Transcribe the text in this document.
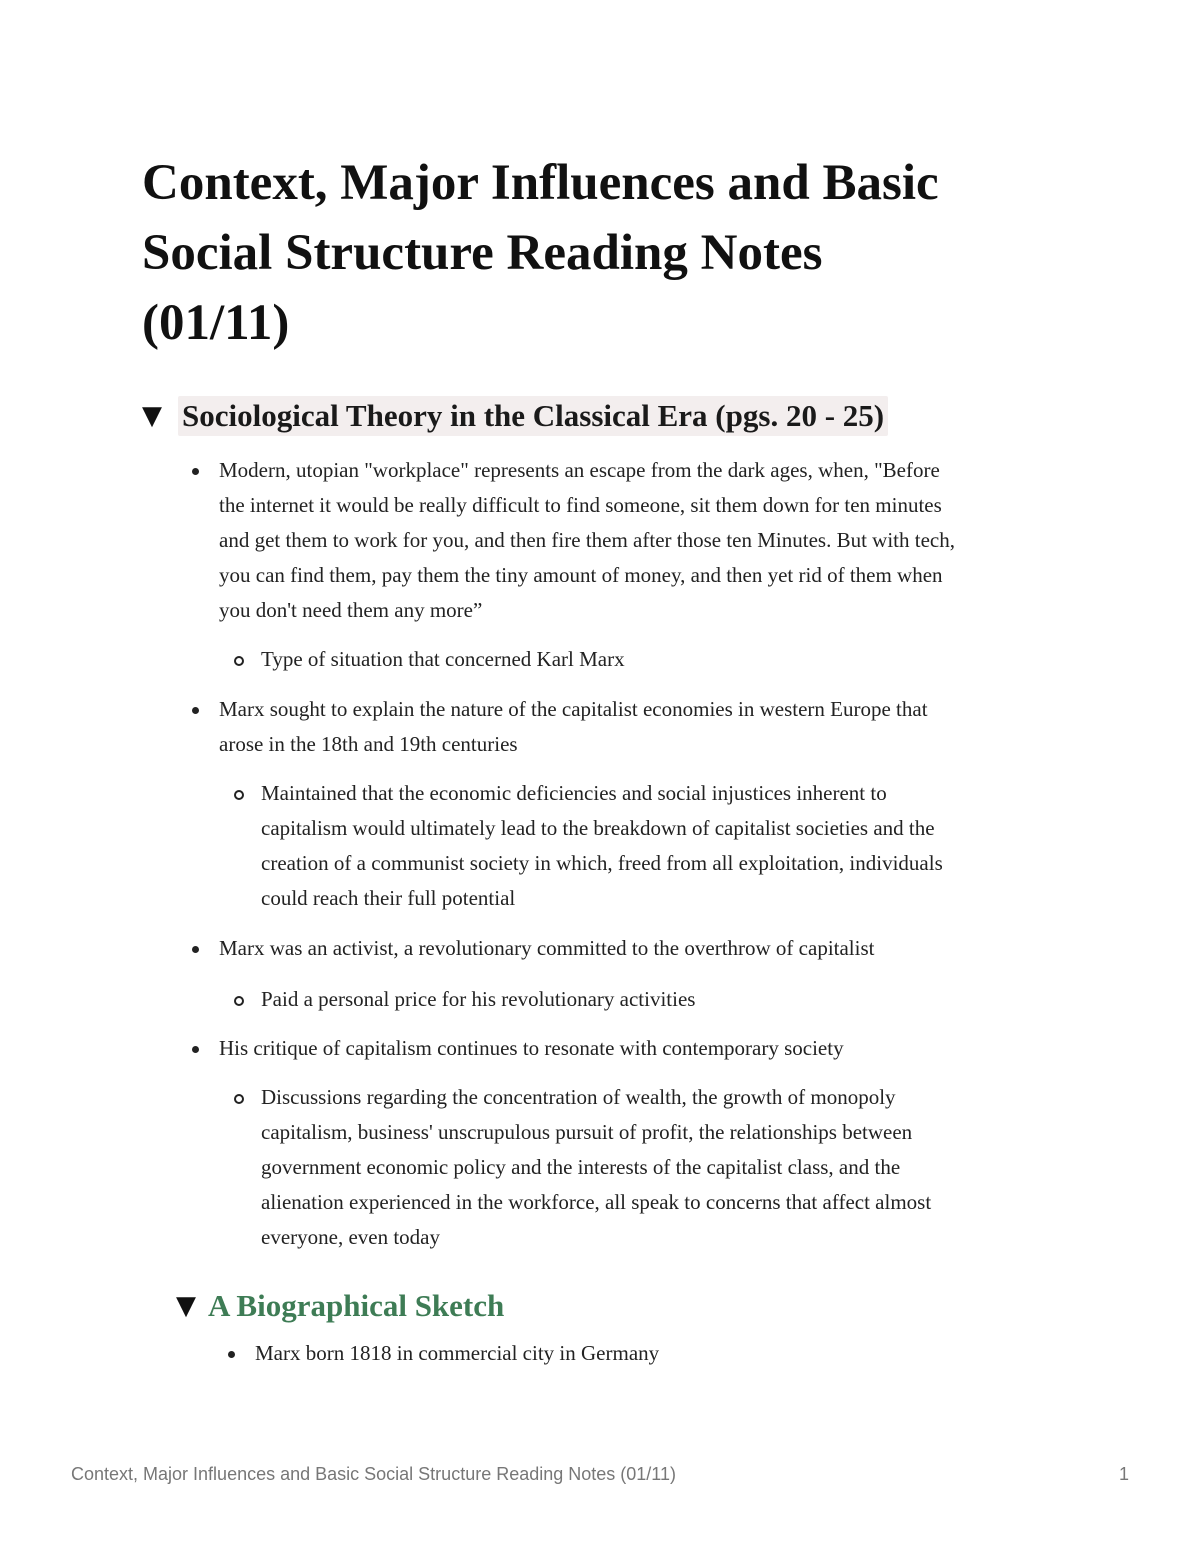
Context, Major Influences and Basic
Social Structure Reading Notes
(01/11)
▼ Sociological Theory in the Classical Era (pgs. 20 - 25)
Modern, utopian "workplace" represents an escape from the dark ages, when, "Before
the internet it would be really difficult to find someone, sit them down for ten minutes
and get them to work for you, and then fire them after those ten Minutes. But with tech,
you can find them, pay them the tiny amount of money, and then yet rid of them when
you don't need them any more”
Type of situation that concerned Karl Marx
Marx sought to explain the nature of the capitalist economies in western Europe that
arose in the 18th and 19th centuries
Maintained that the economic deficiencies and social injustices inherent to
capitalism would ultimately lead to the breakdown of capitalist societies and the
creation of a communist society in which, freed from all exploitation, individuals
could reach their full potential
Marx was an activist, a revolutionary committed to the overthrow of capitalist
Paid a personal price for his revolutionary activities
His critique of capitalism continues to resonate with contemporary society
Discussions regarding the concentration of wealth, the growth of monopoly
capitalism, business' unscrupulous pursuit of profit, the relationships between
government economic policy and the interests of the capitalist class, and the
alienation experienced in the workforce, all speak to concerns that affect almost
everyone, even today
▼ A Biographical Sketch
Marx born 1818 in commercial city in Germany
Context, Major Influences and Basic Social Structure Reading Notes (01/11)	1
